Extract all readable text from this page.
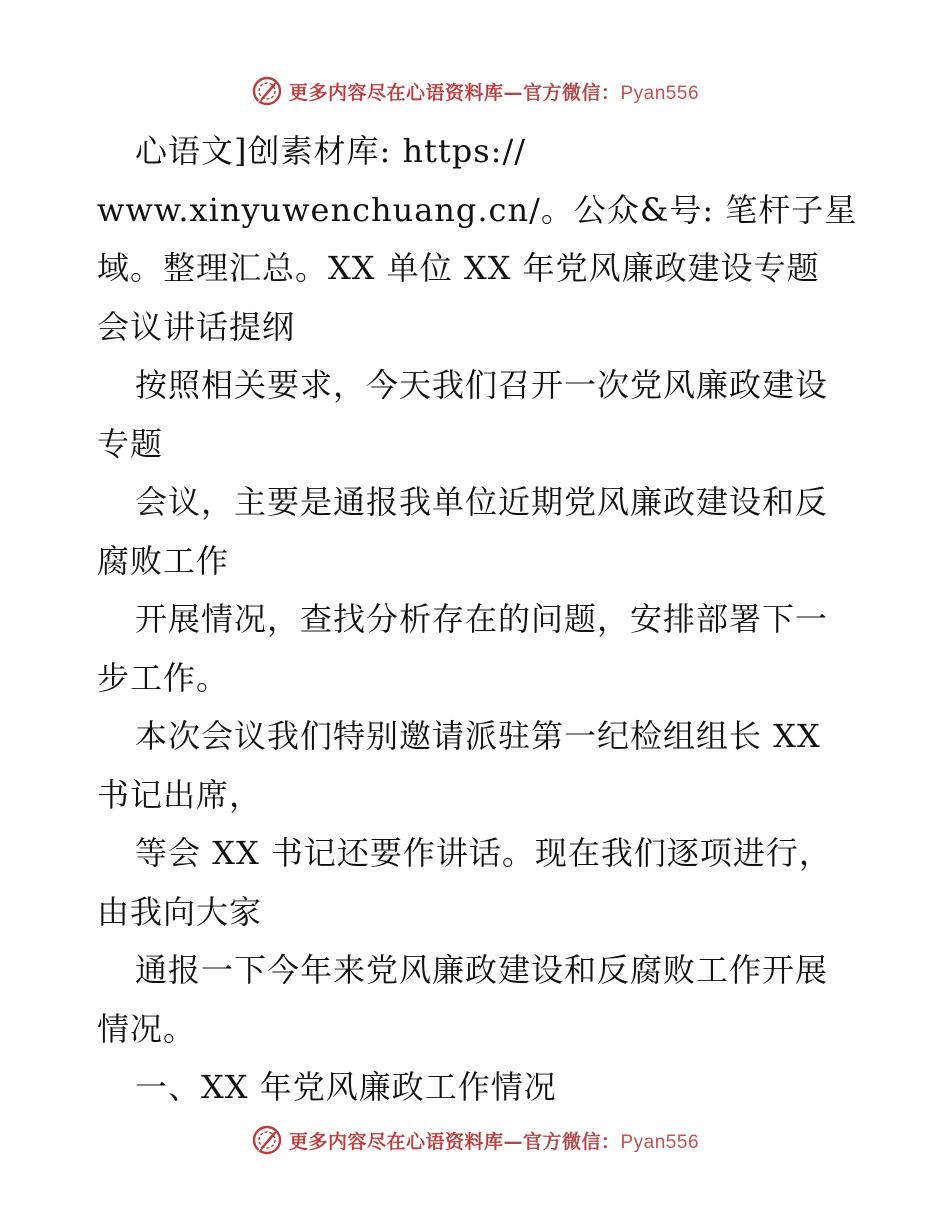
更多内容尽在心语资料库—官方微信：Pyan556
心语文]创素材库: https://
www.xinyuwenchuang.cn/。公众&号: 笔杆子星
域。整理汇总。XX 单位 XX 年党风廉政建设专题
会议讲话提纲
按照相关要求，今天我们召开一次党风廉政建设
专题
会议，主要是通报我单位近期党风廉政建设和反
腐败工作
开展情况，查找分析存在的问题，安排部署下一
步工作。
本次会议我们特别邀请派驻第一纪检组组长 XX
书记出席，
等会 XX 书记还要作讲话。现在我们逐项进行，
由我向大家
通报一下今年来党风廉政建设和反腐败工作开展
情况。
一、XX 年党风廉政工作情况
更多内容尽在心语资料库—官方微信：Pyan556
